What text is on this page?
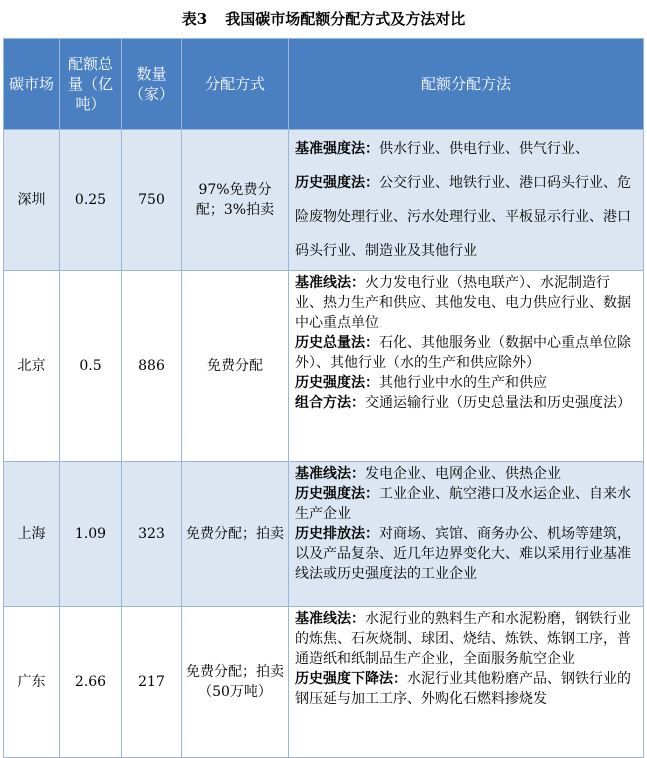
表3 我国碳市场配额分配方式及方法对比
碳市场	配额总量（亿吨）	数量（家）	分配方式	配额分配方法
深圳	0.25	750	97%免费分配；3%拍卖	基准强度法：供水行业、供电行业、供气行业、
历史强度法：公交行业、地铁行业、港口码头行业、危险废物处理行业、污水处理行业、平板显示行业、港口码头行业、制造业及其他行业

北京	0.5	886	免费分配	基准线法：火力发电行业（热电联产）、水泥制造行业、热力生产和供应、其他发电、电力供应行业、数据中心重点单位
历史总量法：石化、其他服务业（数据中心重点单位除外）、其他行业（水的生产和供应除外）
历史强度法：其他行业中水的生产和供应
组合方法：交通运输行业（历史总量法和历史强度法）

上海	1.09	323	免费分配；拍卖	基准线法：发电企业、电网企业、供热企业
历史强度法：工业企业、航空港口及水运企业、自来水生产企业
历史排放法：对商场、宾馆、商务办公、机场等建筑，以及产品复杂、近几年边界变化大、难以采用行业基准线法或历史强度法的工业企业

广东	2.66	217	免费分配；拍卖（50万吨）	基准线法：水泥行业的熟料生产和水泥粉磨，钢铁行业的炼焦、石灰烧制、球团、烧结、炼铁、炼钢工序，普通造纸和纸制品生产企业，全面服务航空企业
历史强度下降法：水泥行业其他粉磨产品、钢铁行业的钢压延与加工工序、外购化石燃料掺烧发
